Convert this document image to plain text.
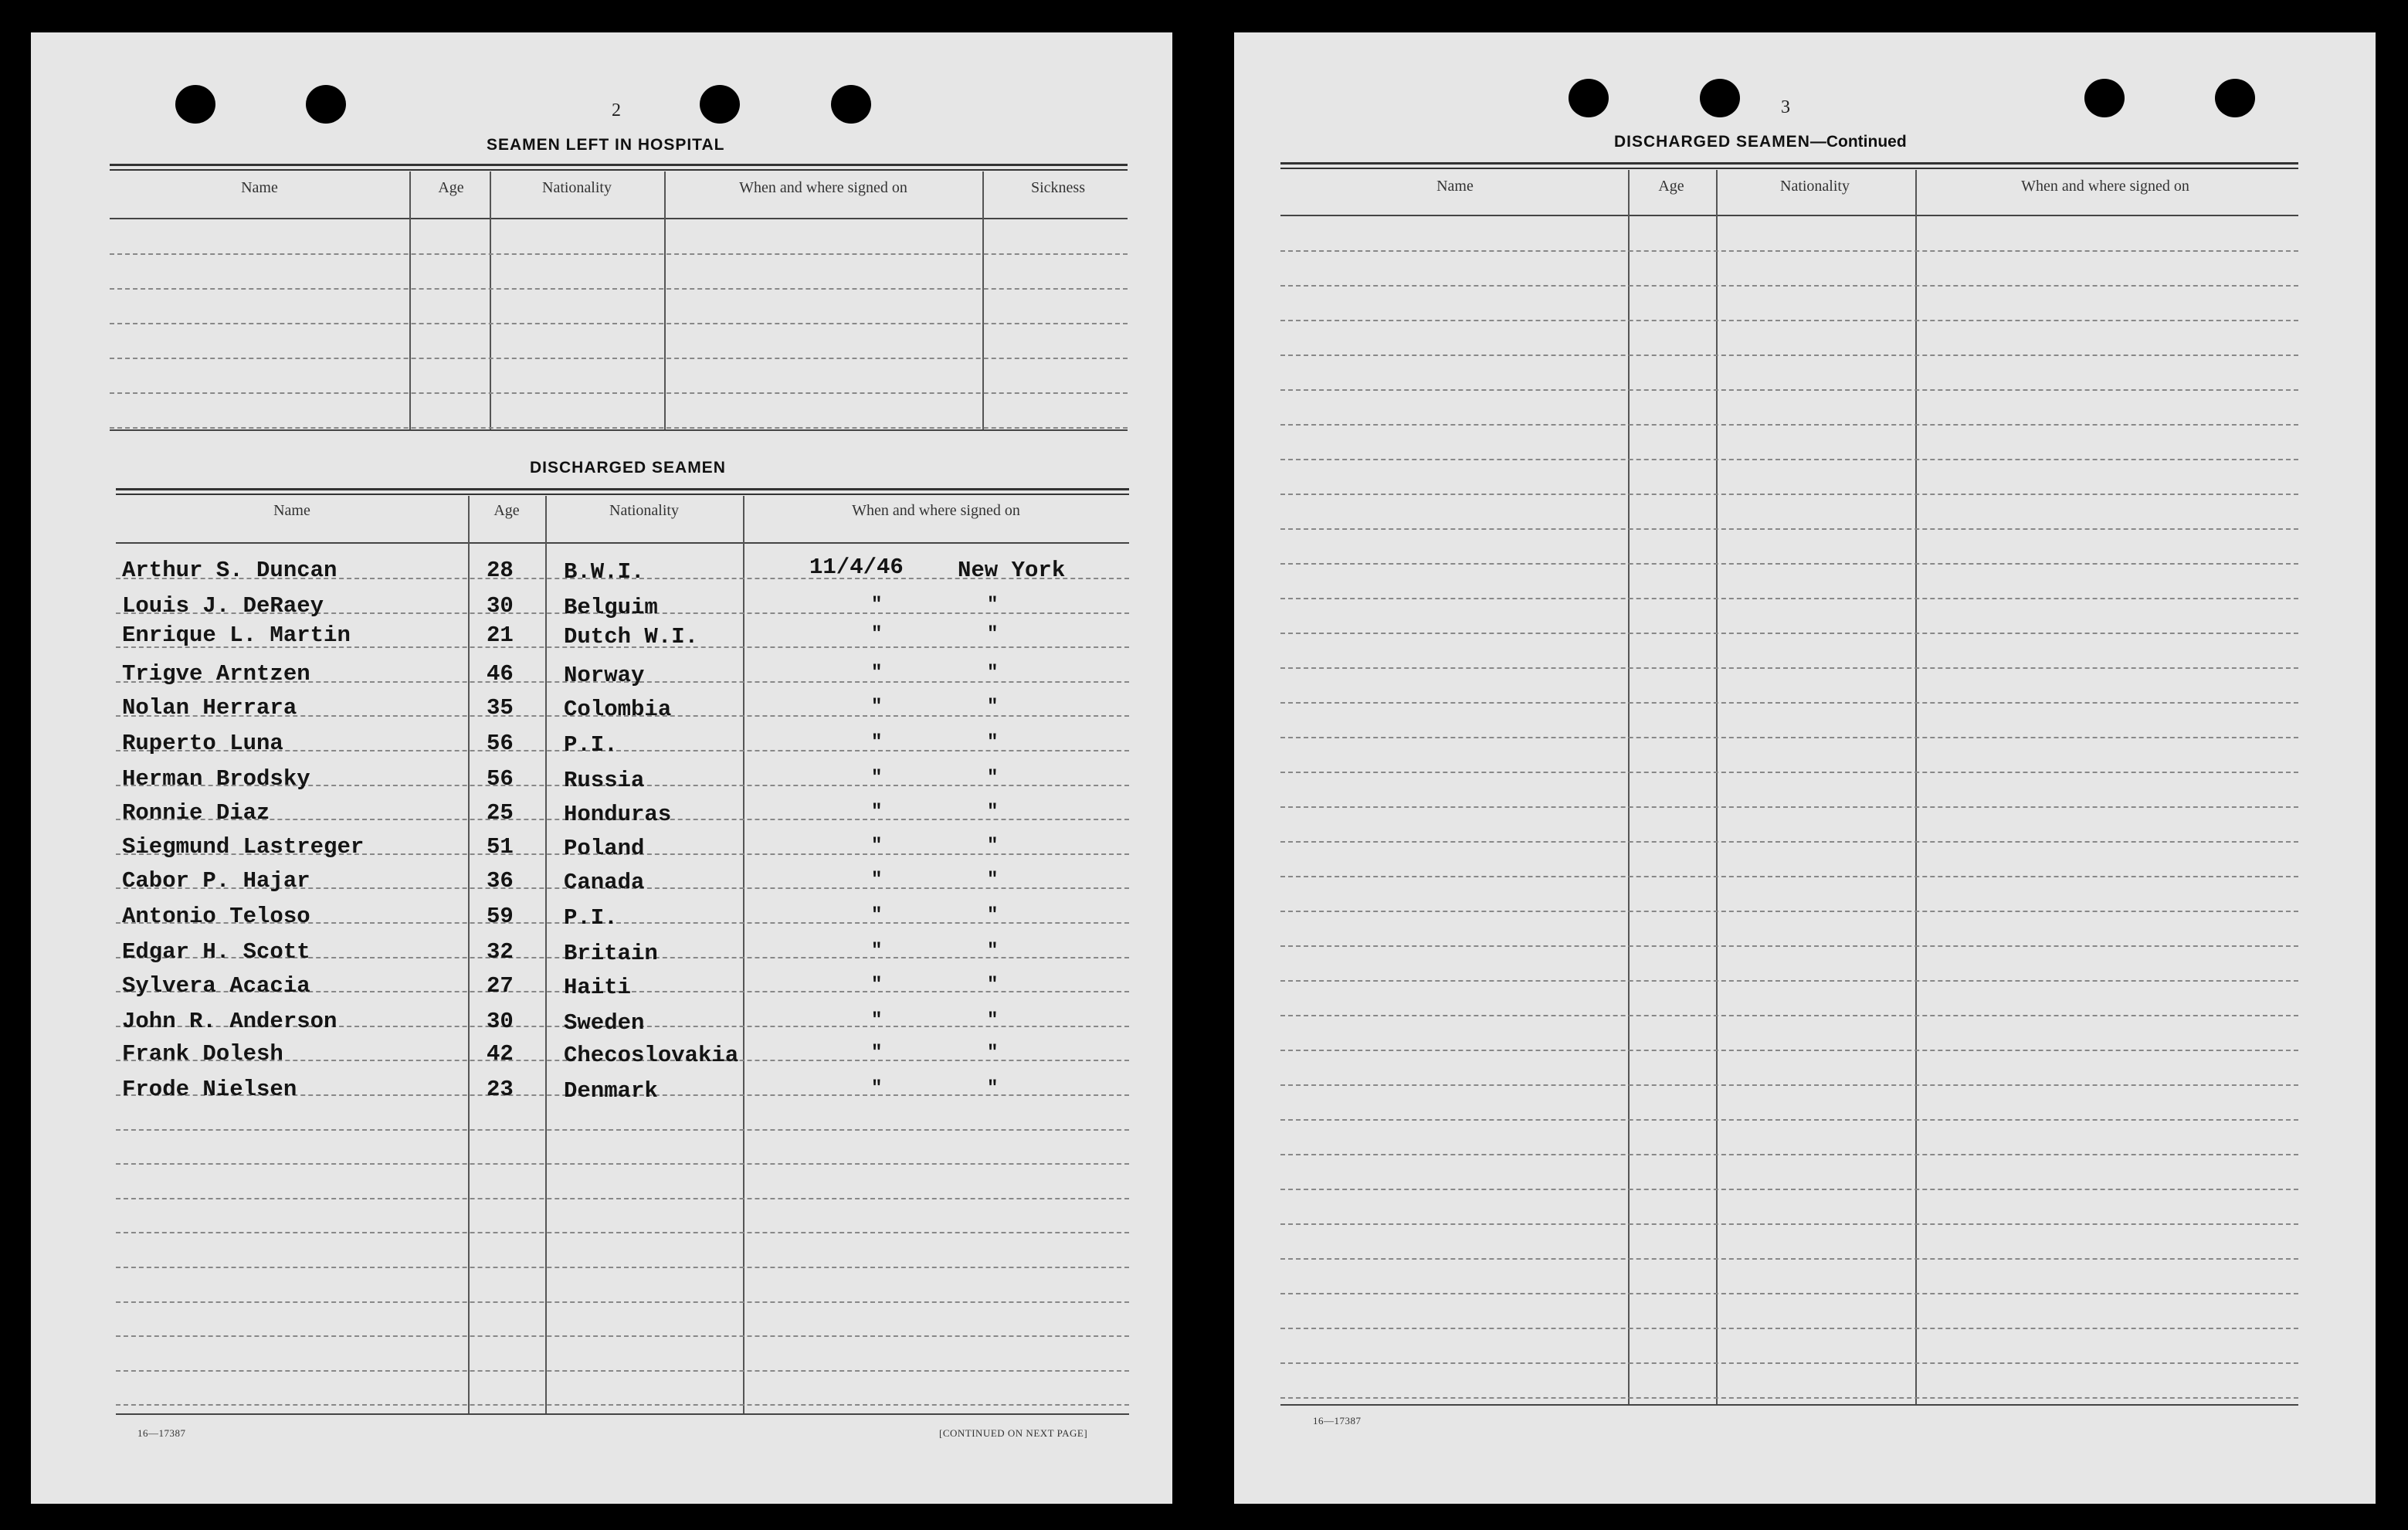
2
SEAMEN LEFT IN HOSPITAL
Name	Age	Nationality	When and where signed on	Sickness
DISCHARGED SEAMEN
Name	Age	Nationality	When and where signed on
Arthur S. Duncan	28 B.W.I.	11/4/46 New York
Louis J. DeRaey	30 Belguim	"	"
Enrique L. Martin	21 Dutch W.I.	"	"
Trigve Arntzen	46 Norway	"	"
Nolan Herrara	35 Colombia	"	"
Ruperto Luna	56 P.I.	"	"
Herman Brodsky	56 Russia	"	"
Ronnie Diaz	25 Honduras	"	"
Siegmund Lastreger	51 Poland	"	"
Cabor P. Hajar	36 Canada	"	"
Antonio Teloso	59 P.I.	"	"
Edgar H. Scott	32 Britain	"	"
Sylvera Acacia	27 Haiti	"	"
John R. Anderson	30 Sweden	"	"
Frank Dolesh	42 Checoslovakia	"	"
Frode Nielsen	23 Denmark	"	"
16—17387	[CONTINUED ON NEXT PAGE]
3
DISCHARGED SEAMEN—Continued
Name	Age	Nationality	When and where signed on
16—17387
